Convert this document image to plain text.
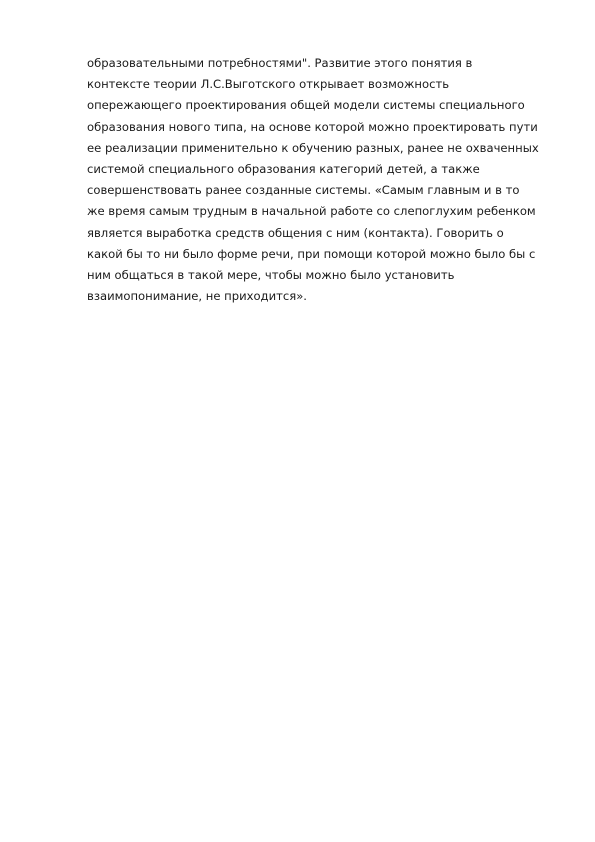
образовательными потребностями". Развитие этого понятия в
контексте теории Л.С.Выготского открывает возможность
опережающего проектирования общей модели системы специального
образования нового типа, на основе которой можно проектировать пути
ее реализации применительно к обучению разных, ранее не охваченных
системой специального образования категорий детей, а также
совершенствовать ранее созданные системы. «Самым главным и в то
же время самым трудным в начальной работе со слепоглухим ребенком
является выработка средств общения с ним (контакта). Говорить о
какой бы то ни было форме речи, при помощи которой можно было бы с
ним общаться в такой мере, чтобы можно было установить
взаимопонимание, не приходится».
